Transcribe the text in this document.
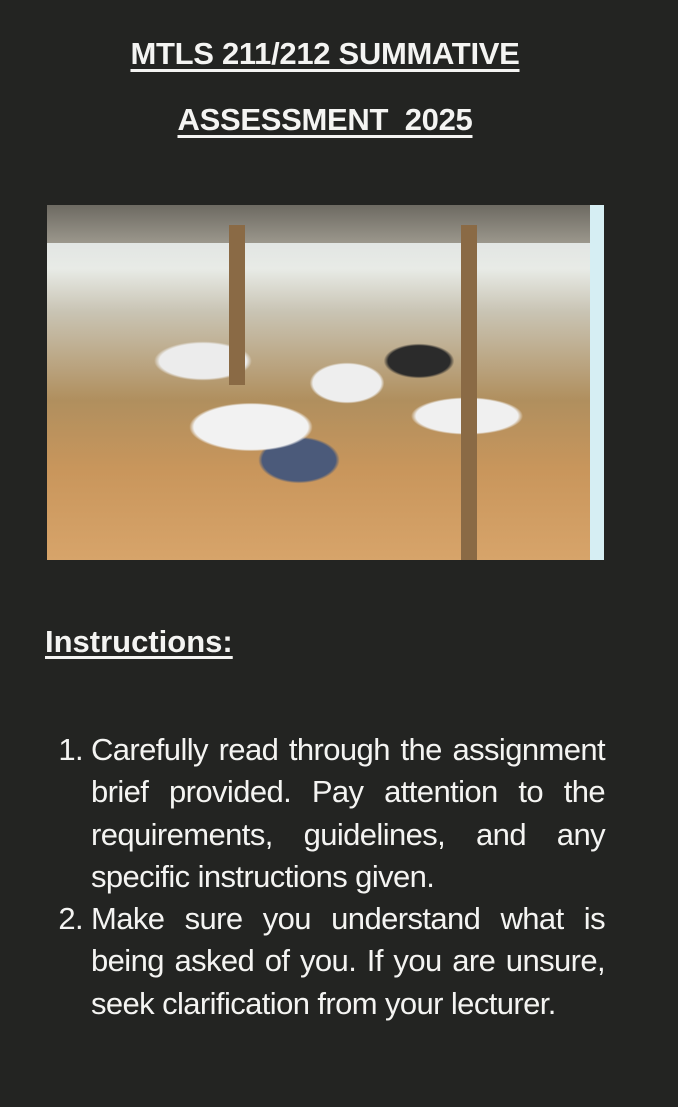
MTLS 211/212 SUMMATIVE
ASSESSMENT  2025
Instructions:
1. Carefully read through the assignment brief provided. Pay attention to the requirements, guidelines, and any specific instructions given.
2. Make sure you understand what is being asked of you. If you are unsure, seek clarification from your lecturer.
